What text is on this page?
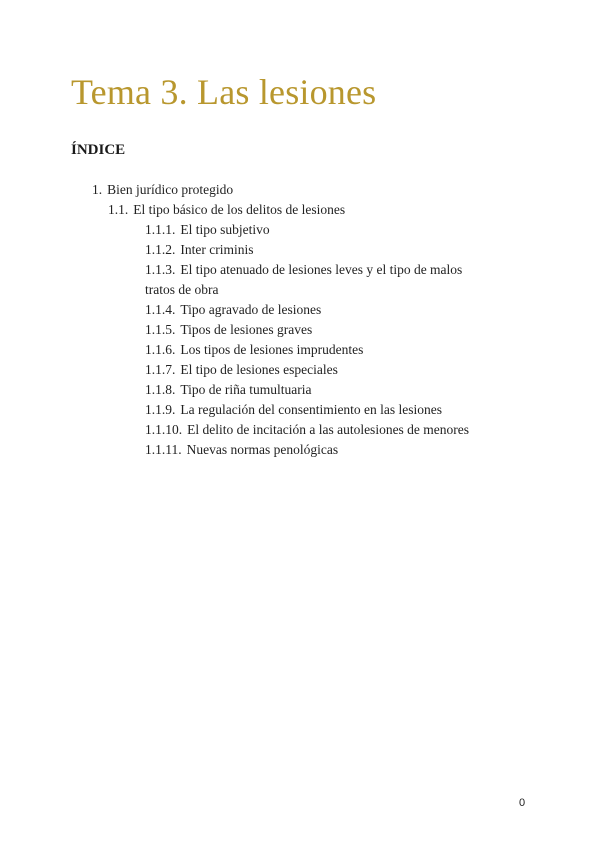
Tema 3. Las lesiones
ÍNDICE
1. Bien jurídico protegido
1.1. El tipo básico de los delitos de lesiones
1.1.1. El tipo subjetivo
1.1.2. Inter criminis
1.1.3. El tipo atenuado de lesiones leves y el tipo de malos
tratos de obra
1.1.4. Tipo agravado de lesiones
1.1.5. Tipos de lesiones graves
1.1.6. Los tipos de lesiones imprudentes
1.1.7. El tipo de lesiones especiales
1.1.8. Tipo de riña tumultuaria
1.1.9. La regulación del consentimiento en las lesiones
1.1.10. El delito de incitación a las autolesiones de menores
1.1.11. Nuevas normas penológicas
0
